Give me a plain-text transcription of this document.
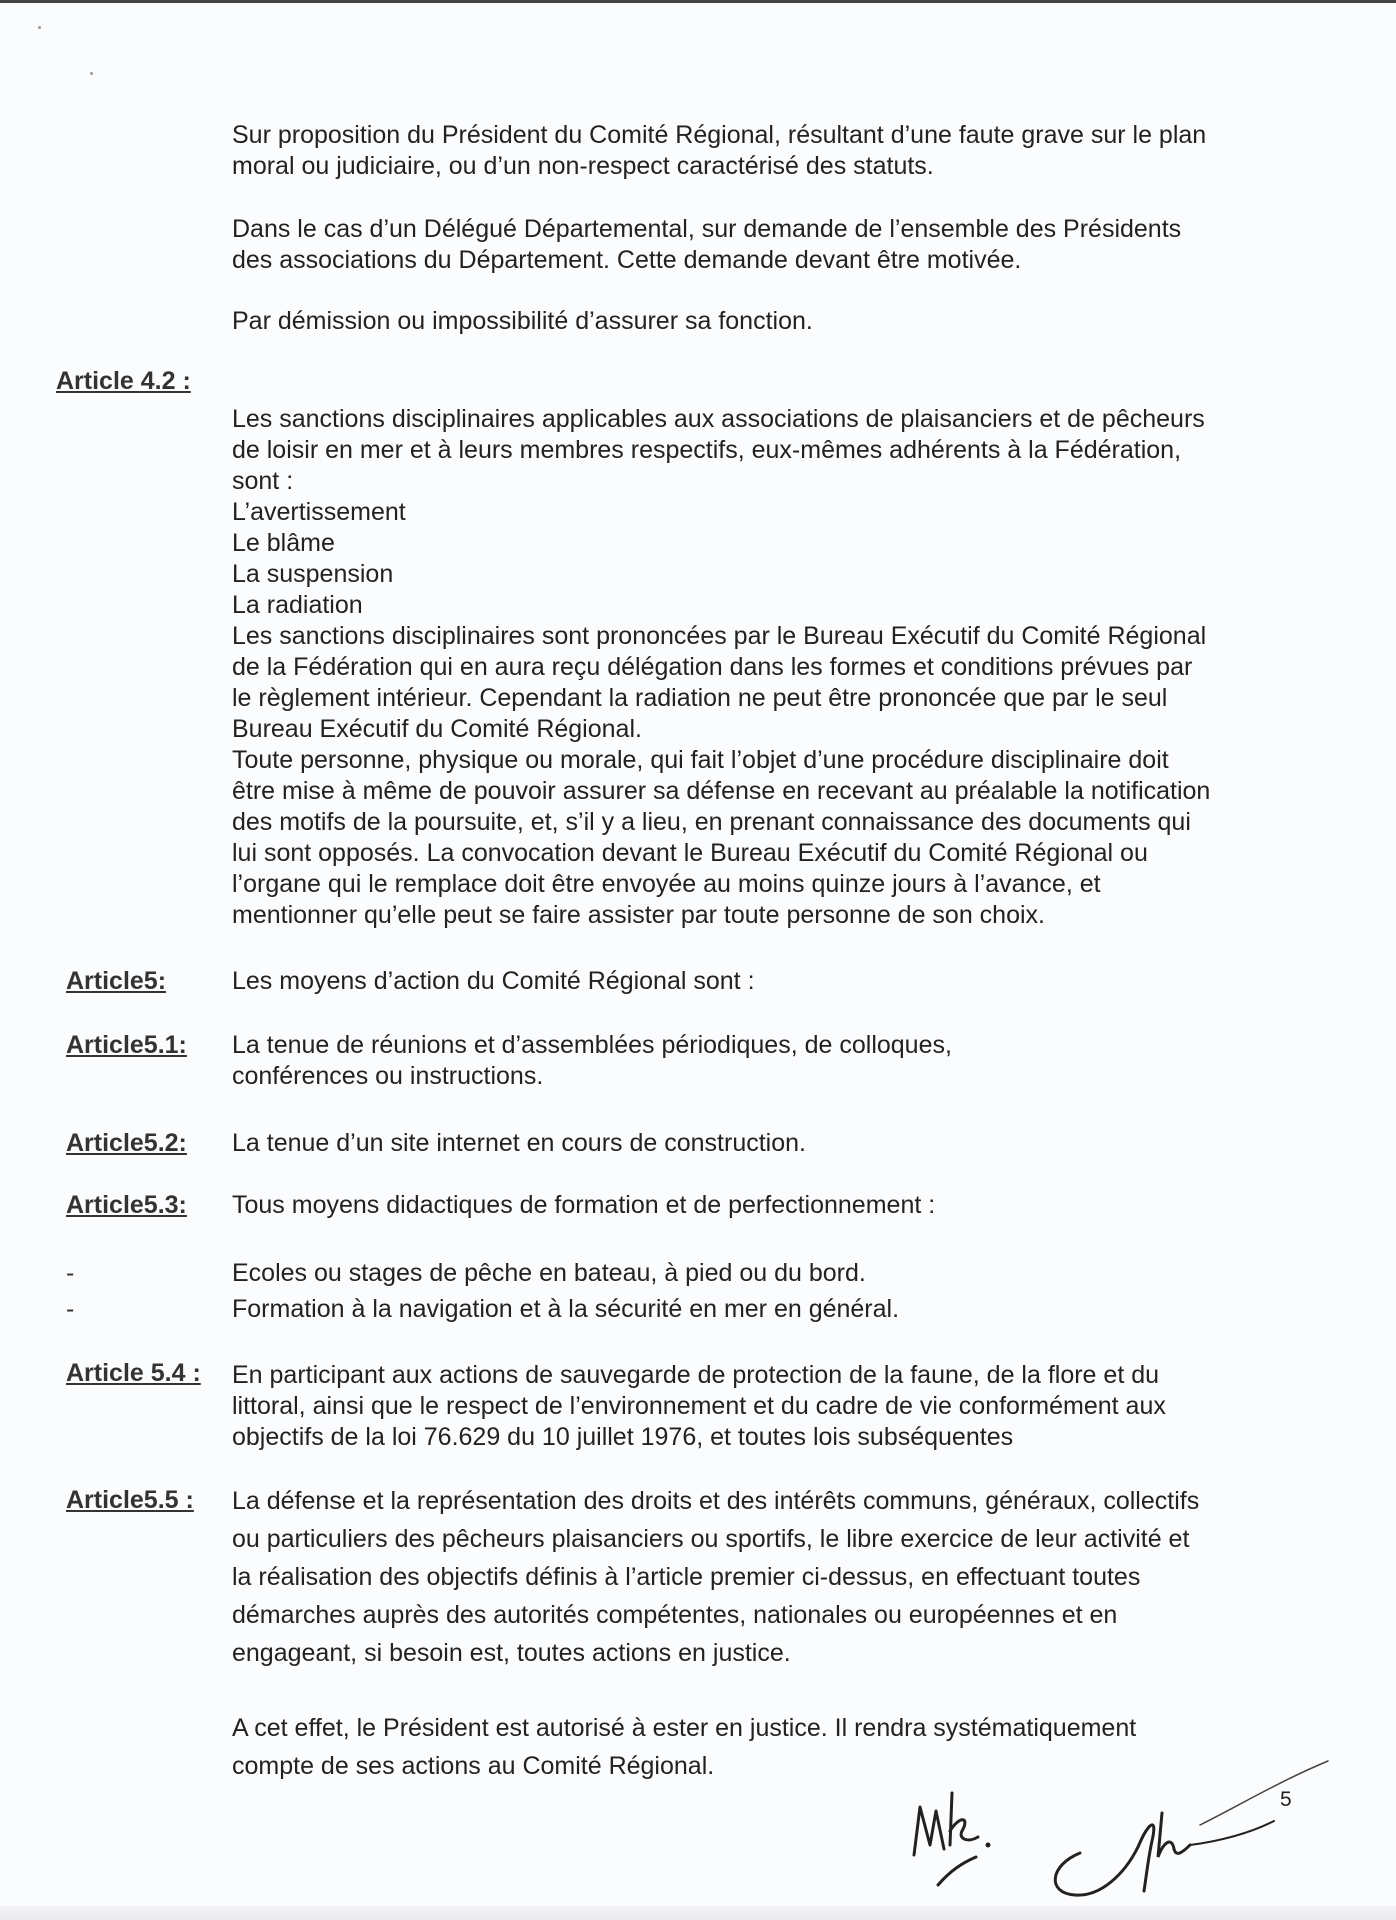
Sur proposition du Président du Comité Régional, résultant d’une faute grave sur le plan
moral ou judiciaire, ou d’un non-respect caractérisé des statuts.
Dans le cas d’un Délégué Départemental, sur demande de l’ensemble des Présidents
des associations du Département. Cette demande devant être motivée.
Par démission ou impossibilité d’assurer sa fonction.
Article 4.2 :
Les sanctions disciplinaires applicables aux associations de plaisanciers et de pêcheurs
de loisir en mer et à leurs membres respectifs, eux-mêmes adhérents à la Fédération,
sont :
L’avertissement
Le blâme
La suspension
La radiation
Les sanctions disciplinaires sont prononcées par le Bureau Exécutif du Comité Régional
de la Fédération qui en aura reçu délégation dans les formes et conditions prévues par
le règlement intérieur. Cependant la radiation ne peut être prononcée que par le seul
Bureau Exécutif du Comité Régional.
Toute personne, physique ou morale, qui fait l’objet d’une procédure disciplinaire doit
être mise à même de pouvoir assurer sa défense en recevant au préalable la notification
des motifs de la poursuite, et, s’il y a lieu, en prenant connaissance des documents qui
lui sont opposés. La convocation devant le Bureau Exécutif du Comité Régional ou
l’organe qui le remplace doit être envoyée au moins quinze jours à l’avance, et
mentionner qu’elle peut se faire assister par toute personne de son choix.
Article5:	Les moyens d’action du Comité Régional sont :
Article5.1: La tenue de réunions et d’assemblées périodiques, de colloques,
conférences ou instructions.
Article5.2: La tenue d’un site internet en cours de construction.
Article5.3: Tous moyens didactiques de formation et de perfectionnement :
-	Ecoles ou stages de pêche en bateau, à pied ou du bord.
-	Formation à la navigation et à la sécurité en mer en général.
Article 5.4 : En participant aux actions de sauvegarde de protection de la faune, de la flore et du
littoral, ainsi que le respect de l’environnement et du cadre de vie conformément aux
objectifs de la loi 76.629 du 10 juillet 1976, et toutes lois subséquentes
Article5.5 : La défense et la représentation des droits et des intérêts communs, généraux, collectifs
ou particuliers des pêcheurs plaisanciers ou sportifs, le libre exercice de leur activité et
la réalisation des objectifs définis à l’article premier ci-dessus, en effectuant toutes
démarches auprès des autorités compétentes, nationales ou européennes et en
engageant, si besoin est, toutes actions en justice.
A cet effet, le Président est autorisé à ester en justice. Il rendra systématiquement
compte de ses actions au Comité Régional.
5
